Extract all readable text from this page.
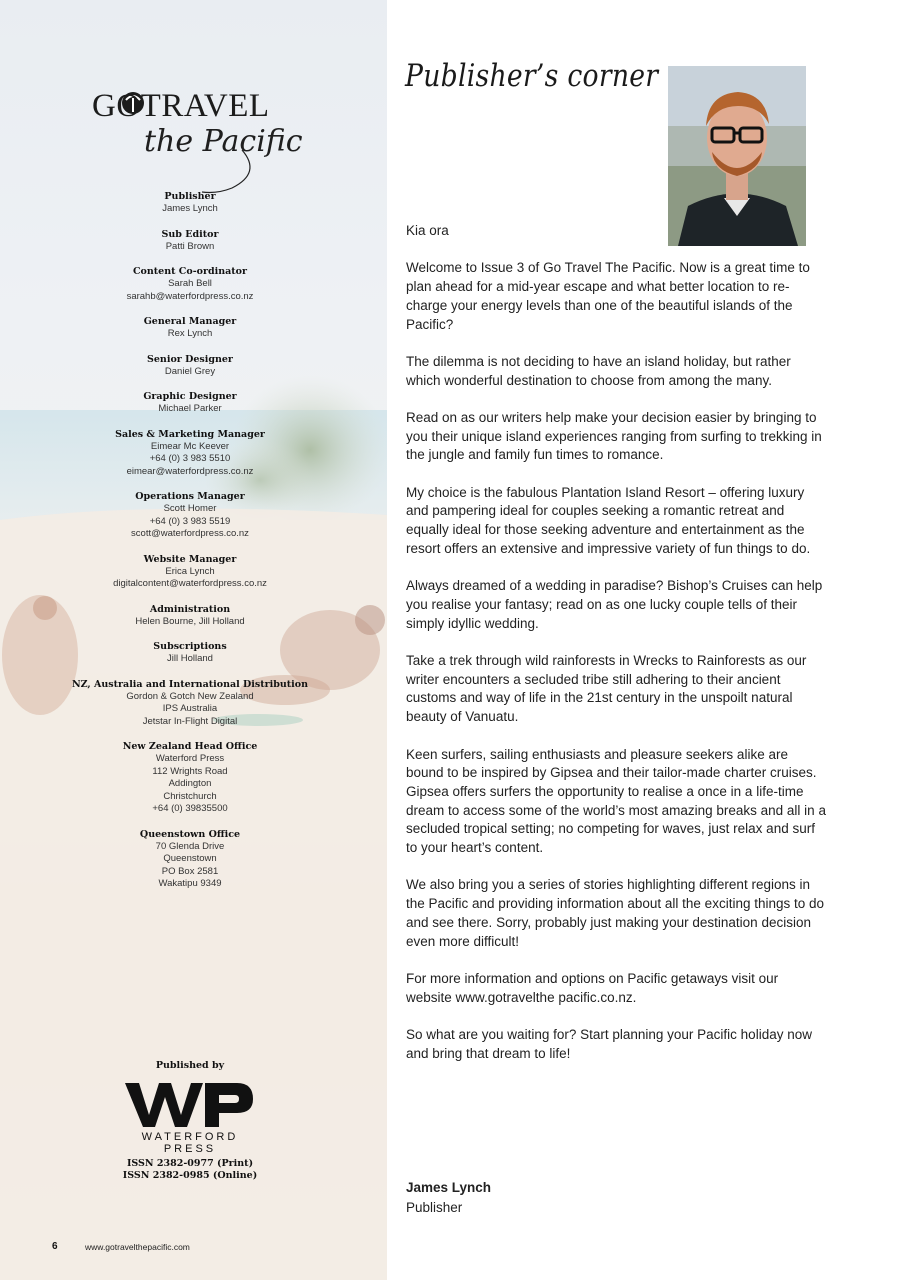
GOTRAVEL
the Pacific
Publisher
James Lynch
Sub Editor
Patti Brown
Content Co-ordinator
Sarah Bell
sarahb@waterfordpress.co.nz
General Manager
Rex Lynch
Senior Designer
Daniel Grey
Graphic Designer
Michael Parker
Sales & Marketing Manager
Eimear Mc Keever
+64 (0) 3 983 5510
eimear@waterfordpress.co.nz
Operations Manager
Scott Homer
+64 (0) 3 983 5519
scott@waterfordpress.co.nz
Website Manager
Erica Lynch
digitalcontent@waterfordpress.co.nz
Administration
Helen Bourne, Jill Holland
Subscriptions
Jill Holland
NZ, Australia and International Distribution
Gordon & Gotch New Zealand
IPS Australia
Jetstar In-Flight Digital
New Zealand Head Office
Waterford Press
112 Wrights Road
Addington
Christchurch
+64 (0) 39835500
Queenstown Office
70 Glenda Drive
Queenstown
PO Box 2581
Wakatipu 9349
Published by
WATERFORD PRESS
ISSN 2382-0977 (Print)
ISSN 2382-0985 (Online)
6	www.gotravelthepacific.com
Publisher’s corner

Kia ora

Welcome to Issue 3 of Go Travel The Pacific. Now is a great time to plan ahead for a mid-year escape and what better location to re-charge your energy levels than one of the beautiful islands of the Pacific?

The dilemma is not deciding to have an island holiday, but rather which wonderful destination to choose from among the many.

Read on as our writers help make your decision easier by bringing to you their unique island experiences ranging from surfing to trekking in the jungle and family fun times to romance.

My choice is the fabulous Plantation Island Resort – offering luxury and pampering ideal for couples seeking a romantic retreat and equally ideal for those seeking adventure and entertainment as the resort offers an extensive and impressive variety of fun things to do.

Always dreamed of a wedding in paradise? Bishop’s Cruises can help you realise your fantasy; read on as one lucky couple tells of their simply idyllic wedding.

Take a trek through wild rainforests in Wrecks to Rainforests as our writer encounters a secluded tribe still adhering to their ancient customs and way of life in the 21st century in the unspoilt natural beauty of Vanuatu.

Keen surfers, sailing enthusiasts and pleasure seekers alike are bound to be inspired by Gipsea and their tailor-made charter cruises. Gipsea offers surfers the opportunity to realise a once in a life-time dream to access some of the world’s most amazing breaks and all in a secluded tropical setting; no competing for waves, just relax and surf to your heart’s content.

We also bring you a series of stories highlighting different regions in the Pacific and providing information about all the exciting things to do and see there. Sorry, probably just making your destination decision even more difficult!

For more information and options on Pacific getaways visit our website www.gotravelthe pacific.co.nz.

So what are you waiting for? Start planning your Pacific holiday now and bring that dream to life!

James Lynch
Publisher
